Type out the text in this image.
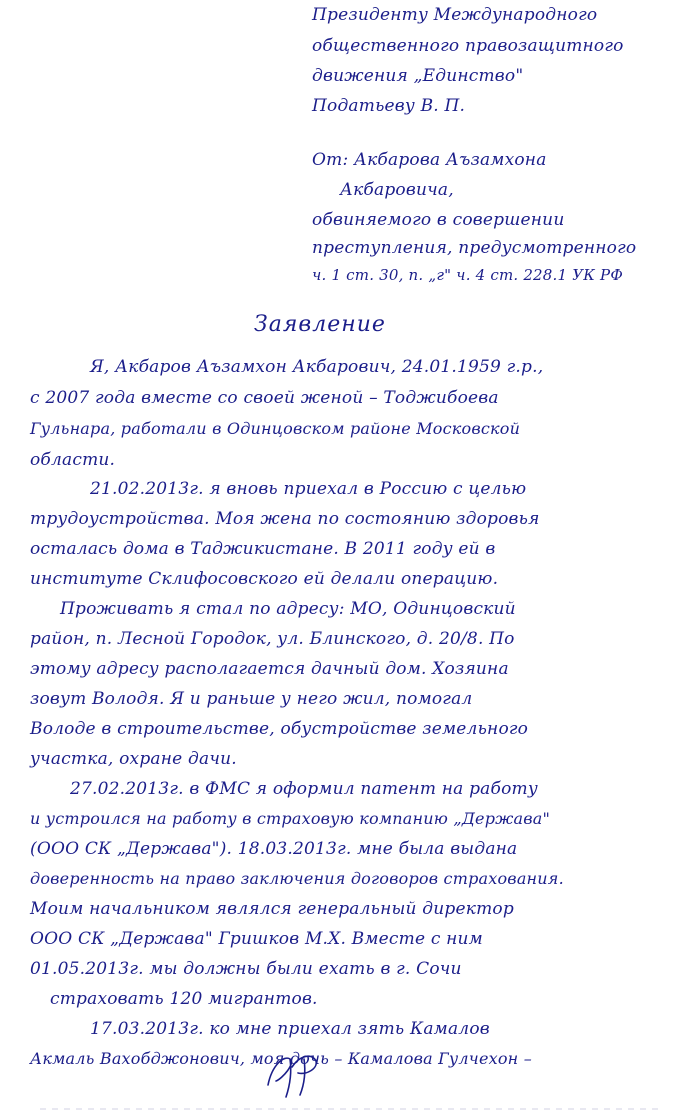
Президенту Международного
общественного правозащитного
движения „Единство"
Податьеву В. П.
От: Акбарова Аъзамхона
Акбаровича,
обвиняемого в совершении
преступления, предусмотренного
ч. 1 ст. 30, п. „г" ч. 4 ст. 228.1 УК РФ
Заявление
Я, Акбаров Аъзамхон Акбарович, 24.01.1959 г.р.,
с 2007 года вместе со своей женой – Тоджибоева
Гульнара, работали в Одинцовском районе Московской
области.
21.02.2013г. я вновь приехал в Россию с целью
трудоустройства. Моя жена по состоянию здоровья
осталась дома в Таджикистане. В 2011 году ей в
институте Склифосовского ей делали операцию.
Проживать я стал по адресу: МО, Одинцовский
район, п. Лесной Городок, ул. Блинского, д. 20/8. По
этому адресу располагается дачный дом. Хозяина
зовут Володя. Я и раньше у него жил, помогал
Володе в строительстве, обустройстве земельного
участка, охране дачи.
27.02.2013г. в ФМС я оформил патент на работу
и устроился на работу в страховую компанию „Держава"
(ООО СК „Держава"). 18.03.2013г. мне была выдана
доверенность на право заключения договоров страхования.
Моим начальником являлся генеральный директор
ООО СК „Держава" Гришков М.Х. Вместе с ним
01.05.2013г. мы должны были ехать в г. Сочи
страховать 120 мигрантов.
17.03.2013г. ко мне приехал зять Камалов
Акмаль Вахобджонович, моя дочь – Камалова Гулчехон –
